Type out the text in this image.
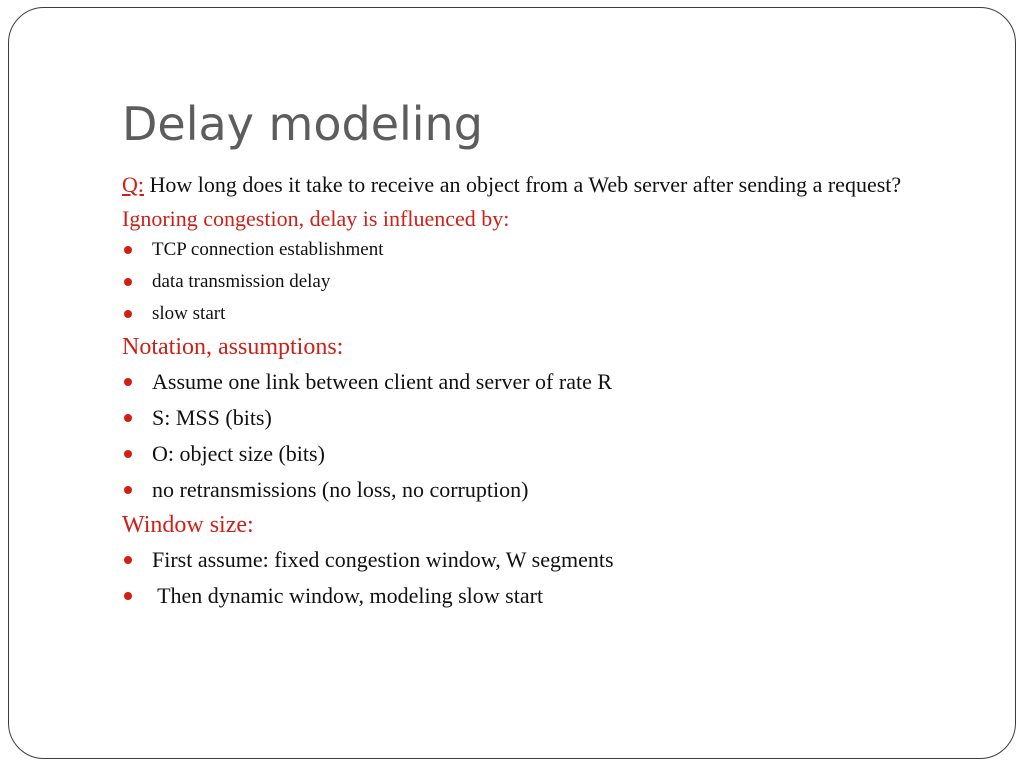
Delay modeling

Q: How long does it take to receive an object from a Web server after sending a request?

Ignoring congestion, delay is influenced by:

TCP connection establishment
data transmission delay
slow start

Notation, assumptions:

Assume one link between client and server of rate R
S: MSS (bits)
O: object size (bits)
no retransmissions (no loss, no corruption)

Window size:

First assume: fixed congestion window, W segments
Then dynamic window, modeling slow start
